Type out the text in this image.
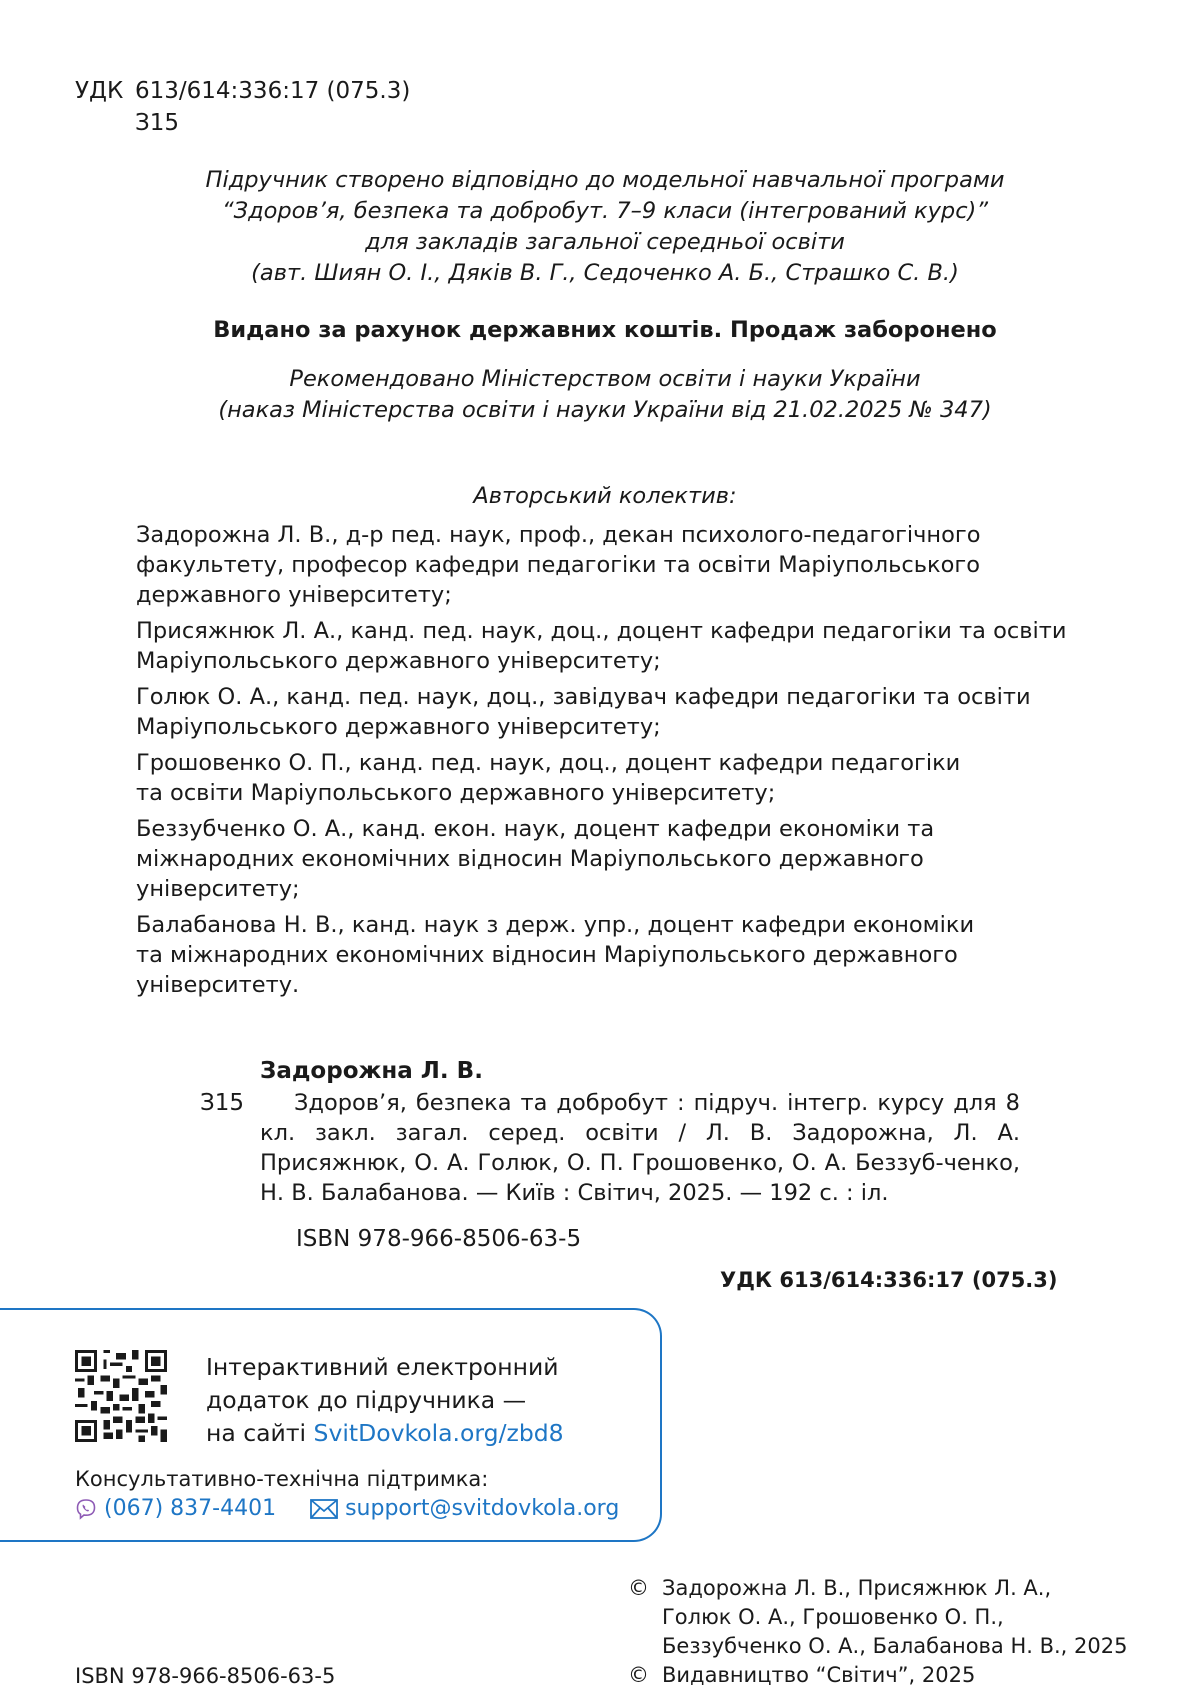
УДК 613/614:336:17 (075.3)
З15
Підручник створено відповідно до модельної навчальної програми
“Здоров’я, безпека та добробут. 7–9 класи (інтегрований курс)”
для закладів загальної середньої освіти
(авт. Шиян О. І., Дяків В. Г., Седоченко А. Б., Страшко С. В.)
Видано за рахунок державних коштів. Продаж заборонено
Рекомендовано Міністерством освіти і науки України
(наказ Міністерства освіти і науки України від 21.02.2025 № 347)
Авторський колектив:
Задорожна Л. В., д-р пед. наук, проф., декан психолого-педагогічного
факультету, професор кафедри педагогіки та освіти Маріупольського
державного університету;
Присяжнюк Л. А., канд. пед. наук, доц., доцент кафедри педагогіки та освіти
Маріупольського державного університету;
Голюк О. А., канд. пед. наук, доц., завідувач кафедри педагогіки та освіти
Маріупольського державного університету;
Грошовенко О. П., канд. пед. наук, доц., доцент кафедри педагогіки
та освіти Маріупольського державного університету;
Беззубченко О. А., канд. екон. наук, доцент кафедри економіки та
міжнародних економічних відносин Маріупольського державного
університету;
Балабанова Н. В., канд. наук з держ. упр., доцент кафедри економіки
та міжнародних економічних відносин Маріупольського державного
університету.
Задорожна Л. В.
З15	Здоров’я, безпека та добробут : підруч. інтегр. курсу для 8 кл. закл. загал. серед. освіти / Л. В. Задорожна, Л. А. Присяжнюк, О. А. Голюк, О. П. Грошовенко, О. А. Беззуб-ченко, Н. В. Балабанова. — Київ : Світич, 2025. — 192 с. : іл.
ISBN 978-966-8506-63-5
УДК 613/614:336:17 (075.3)
Інтерактивний електронний
додаток до підручника —
на сайті SvitDovkola.org/zbd8
Консультативно-технічна підтримка:
(067) 837-4401	support@svitdovkola.org
© Задорожна Л. В., Присяжнюк Л. А.,
Голюк О. А., Грошовенко О. П.,
Беззубченко О. А., Балабанова Н. В., 2025
© Видавництво “Світич”, 2025
ISBN 978-966-8506-63-5
